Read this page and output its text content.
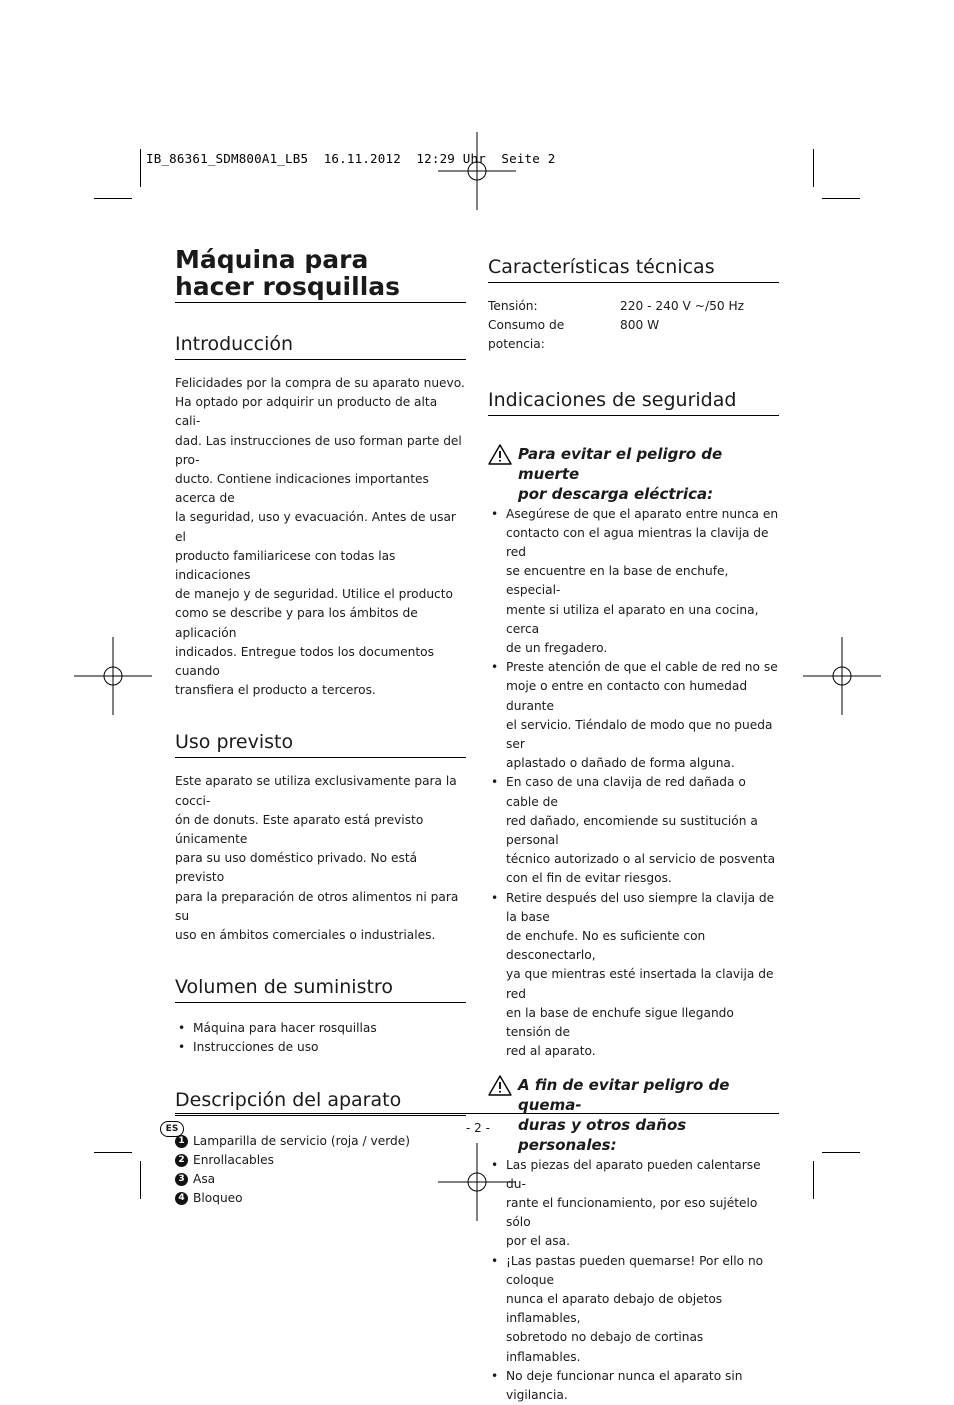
IB_86361_SDM800A1_LB5  16.11.2012  12:29 Uhr  Seite 2
Máquina para
hacer rosquillas
Introducción

Felicidades por la compra de su aparato nuevo.
Ha optado por adquirir un producto de alta cali-
dad. Las instrucciones de uso forman parte del pro-
ducto. Contiene indicaciones importantes acerca de
la seguridad, uso y evacuación. Antes de usar el
producto familiaricese con todas las indicaciones
de manejo y de seguridad. Utilice el producto
como se describe y para los ámbitos de aplicación
indicados. Entregue todos los documentos cuando
transfiera el producto a terceros.

Uso previsto

Este aparato se utiliza exclusivamente para la cocci-
ón de donuts. Este aparato está previsto únicamente
para su uso doméstico privado. No está previsto
para la preparación de otros alimentos ni para su
uso en ámbitos comerciales o industriales.

Volumen de suministro
• Máquina para hacer rosquillas
• Instrucciones de uso
Descripción del aparato
1 Lamparilla de servicio (roja / verde)
2 Enrollacables
3 Asa
4 Bloqueo
Características técnicas
Tensión:	220 - 240 V ~/50 Hz
Consumo de potencia:
800 W
Indicaciones de seguridad
Para evitar el peligro de muerte
por descarga eléctrica:
• Asegúrese de que el aparato entre nunca en
contacto con el agua mientras la clavija de red
se encuentre en la base de enchufe, especial-
mente si utiliza el aparato en una cocina, cerca
de un fregadero.
• Preste atención de que el cable de red no se
moje o entre en contacto con humedad durante
el servicio. Tiéndalo de modo que no pueda ser
aplastado o dañado de forma alguna.
• En caso de una clavija de red dañada o cable de
red dañado, encomiende su sustitución a personal
técnico autorizado o al servicio de posventa
con el fin de evitar riesgos.
• Retire después del uso siempre la clavija de la base
de enchufe. No es suficiente con desconectarlo,
ya que mientras esté insertada la clavija de red
en la base de enchufe sigue llegando tensión de
red al aparato.
A fin de evitar peligro de quema-
duras y otros daños personales:
• Las piezas del aparato pueden calentarse du-
rante el funcionamiento, por eso sujételo sólo
por el asa.
• ¡Las pastas pueden quemarse! Por ello no coloque
nunca el aparato debajo de objetos inflamables,
sobretodo no debajo de cortinas inflamables.
• No deje funcionar nunca el aparato sin vigilancia.
ES	- 2 -
